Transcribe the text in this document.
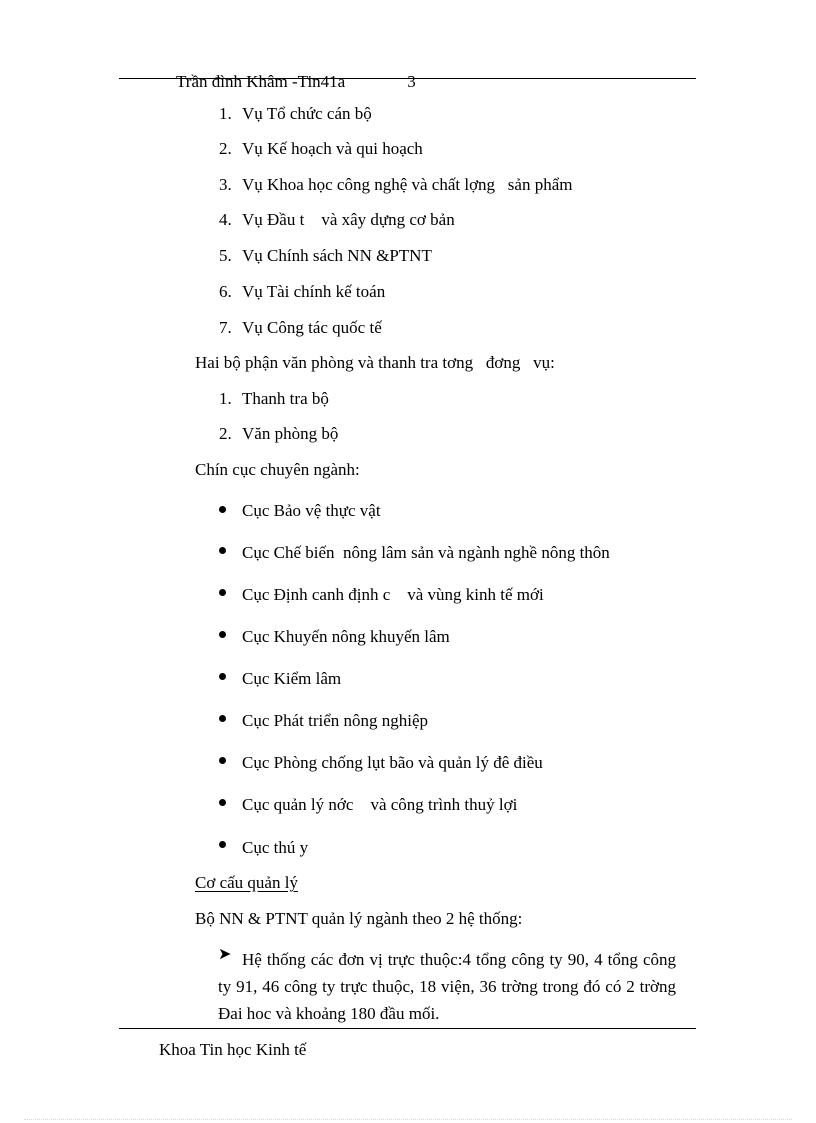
Trần đình Khâm -Tin41a	3

1. Vụ Tổ chức cán bộ
2. Vụ Kế hoạch và qui hoạch
3. Vụ Khoa học công nghệ và chất lợng   sản phẩm
4. Vụ Đầu t    và xây dựng cơ bản
5. Vụ Chính sách NN &PTNT
6. Vụ Tài chính kế toán
7. Vụ Công tác quốc tế
Hai bộ phận văn phòng và thanh tra tơng   đơng   vụ:
1. Thanh tra bộ
2. Văn phòng bộ
Chín cục chuyên ngành:
Cục Bảo vệ thực vật
Cục Chế biến  nông lâm sản và ngành nghề nông thôn
Cục Định canh định c    và vùng kinh tế mới
Cục Khuyến nông khuyến lâm
Cục Kiểm lâm
Cục Phát triển nông nghiệp
Cục Phòng chống lụt bão và quản lý đê điều
Cục quản lý nớc    và công trình thuỷ lợi
Cục thú y
Cơ cấu quản lý
Bộ NN & PTNT quản lý ngành theo 2 hệ thống:
➤ Hệ thống các đơn vị trực thuộc:4 tổng công ty 90, 4 tổng công ty 91, 46 công ty trực thuộc, 18 viện, 36 trờng trong đó có 2 trờng Đai hoc và khoảng 180 đầu mối.
Khoa Tin học Kinh tế
